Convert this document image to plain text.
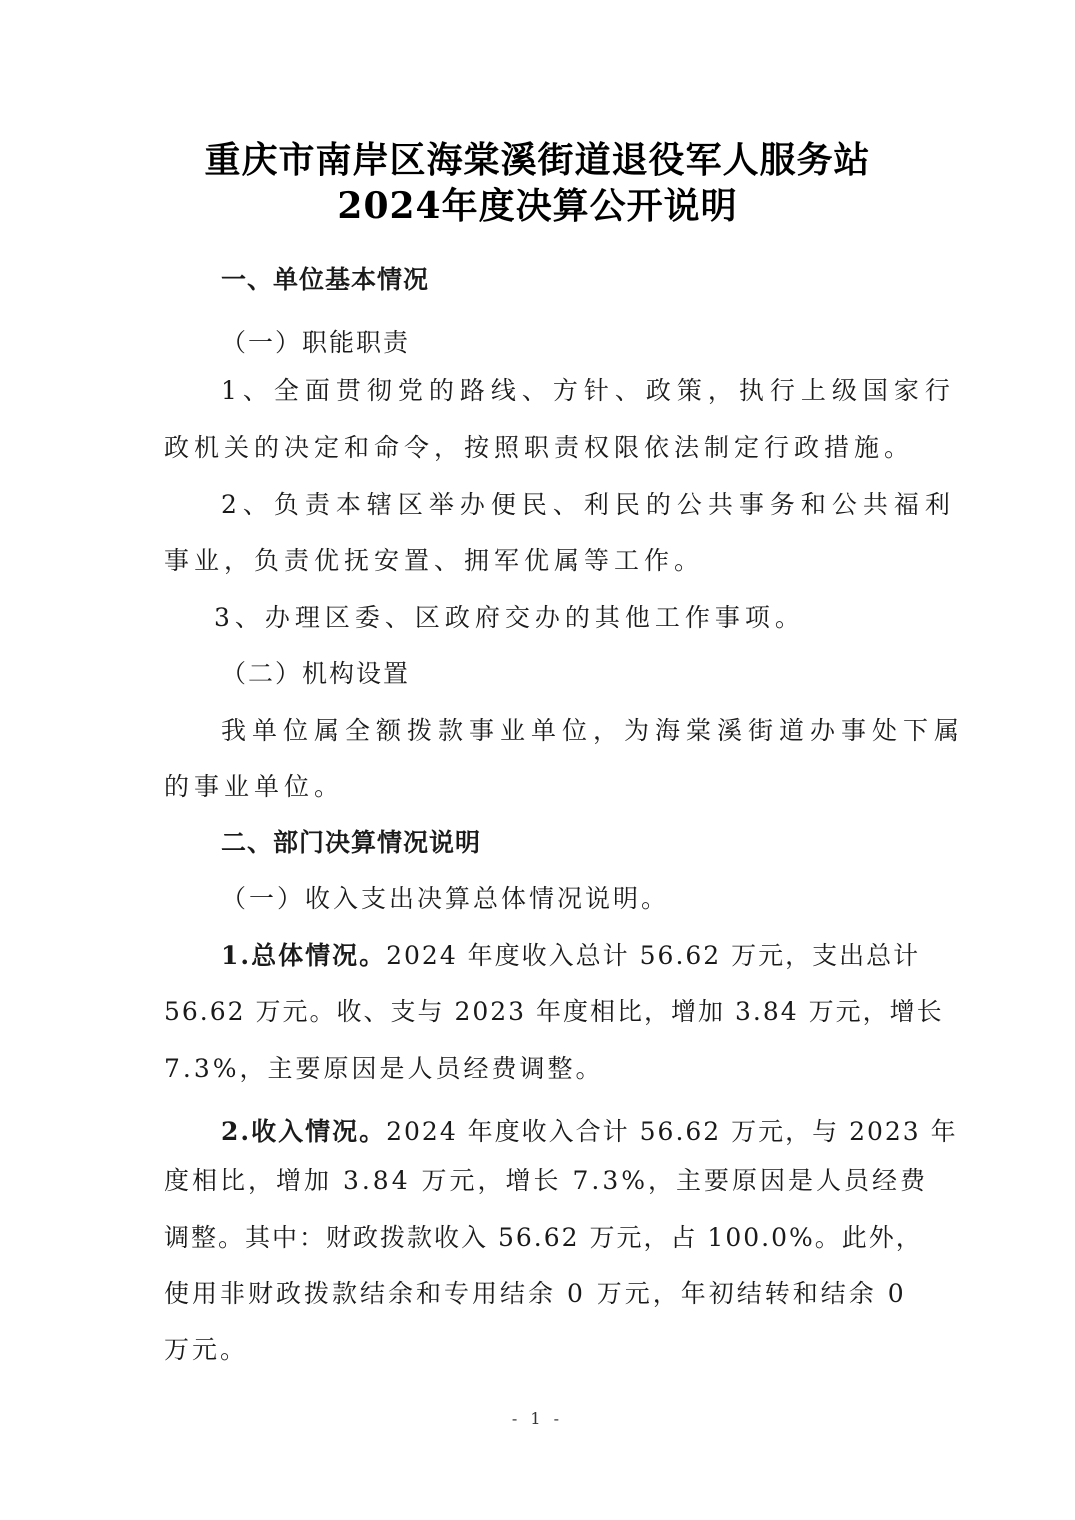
重庆市南岸区海棠溪街道退役军人服务站
2024年度决算公开说明
一、单位基本情况
（一）职能职责
1、全面贯彻党的路线、方针、政策，执行上级国家行
政机关的决定和命令，按照职责权限依法制定行政措施。
2、负责本辖区举办便民、利民的公共事务和公共福利
事业，负责优抚安置、拥军优属等工作。
3、办理区委、区政府交办的其他工作事项。
（二）机构设置
我单位属全额拨款事业单位，为海棠溪街道办事处下属
的事业单位。
二、部门决算情况说明
（一）收入支出决算总体情况说明。
1.总体情况。2024 年度收入总计 56.62 万元，支出总计
56.62 万元。收、支与 2023 年度相比，增加 3.84 万元，增长
7.3%，主要原因是人员经费调整。
2.收入情况。2024 年度收入合计 56.62 万元，与 2023 年
度相比，增加 3.84 万元，增长 7.3%，主要原因是人员经费
调整。其中：财政拨款收入 56.62 万元，占 100.0%。此外，
使用非财政拨款结余和专用结余 0 万元，年初结转和结余 0
万元。
- 1 -
